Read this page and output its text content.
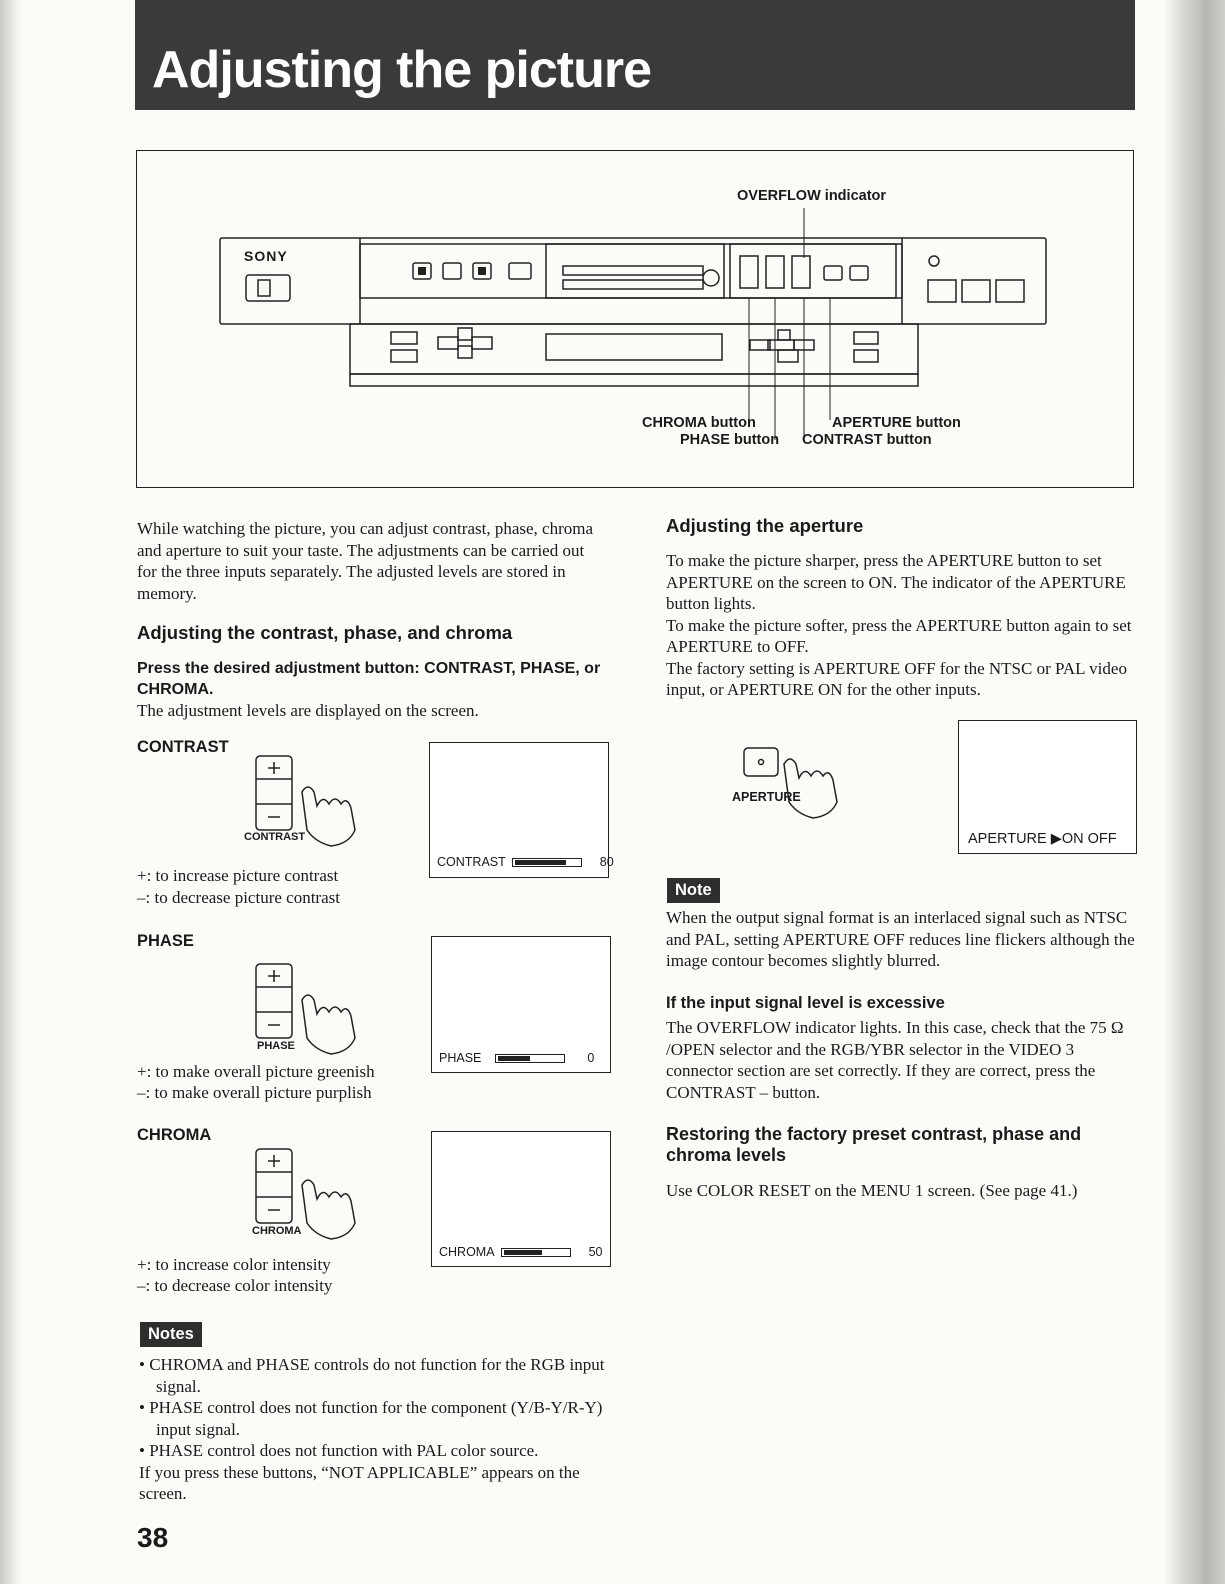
Adjusting the picture
SONY
OVERFLOW indicator
CHROMA button
PHASE button
APERTURE button
CONTRAST button
While watching the picture, you can adjust contrast, phase, chroma and aperture to suit your taste. The adjustments can be carried out for the three inputs separately. The adjusted levels are stored in memory.
Adjusting the contrast, phase, and chroma
Press the desired adjustment button: CONTRAST, PHASE, or CHROMA.
The adjustment levels are displayed on the screen.
CONTRAST
CONTRAST
+: to increase picture contrast
–: to decrease picture contrast
CONTRAST	80
PHASE
PHASE
+: to make overall picture greenish
–: to make overall picture purplish
PHASE	0
CHROMA
CHROMA
+: to increase color intensity
–: to decrease color intensity
CHROMA	50
Notes
• CHROMA and PHASE controls do not function for the RGB input signal.
• PHASE control does not function for the component (Y/B-Y/R-Y) input signal.
• PHASE control does not function with PAL color source.
If you press these buttons, “NOT APPLICABLE” appears on the screen.
38
Adjusting the aperture
To make the picture sharper, press the APERTURE button to set APERTURE on the screen to ON. The indicator of the APERTURE button lights.
To make the picture softer, press the APERTURE button again to set APERTURE to OFF.
The factory setting is APERTURE OFF for the NTSC or PAL video input, or APERTURE ON for the other inputs.
APERTURE
APERTURE ▶ON OFF
Note
When the output signal format is an interlaced signal such as NTSC and PAL, setting APERTURE OFF reduces line flickers although the image contour becomes slightly blurred.
If the input signal level is excessive
The OVERFLOW indicator lights. In this case, check that the 75 Ω /OPEN selector and the RGB/YBR selector in the VIDEO 3 connector section are set correctly. If they are correct, press the CONTRAST – button.
Restoring the factory preset contrast, phase and chroma levels
Use COLOR RESET on the MENU 1 screen. (See page 41.)
